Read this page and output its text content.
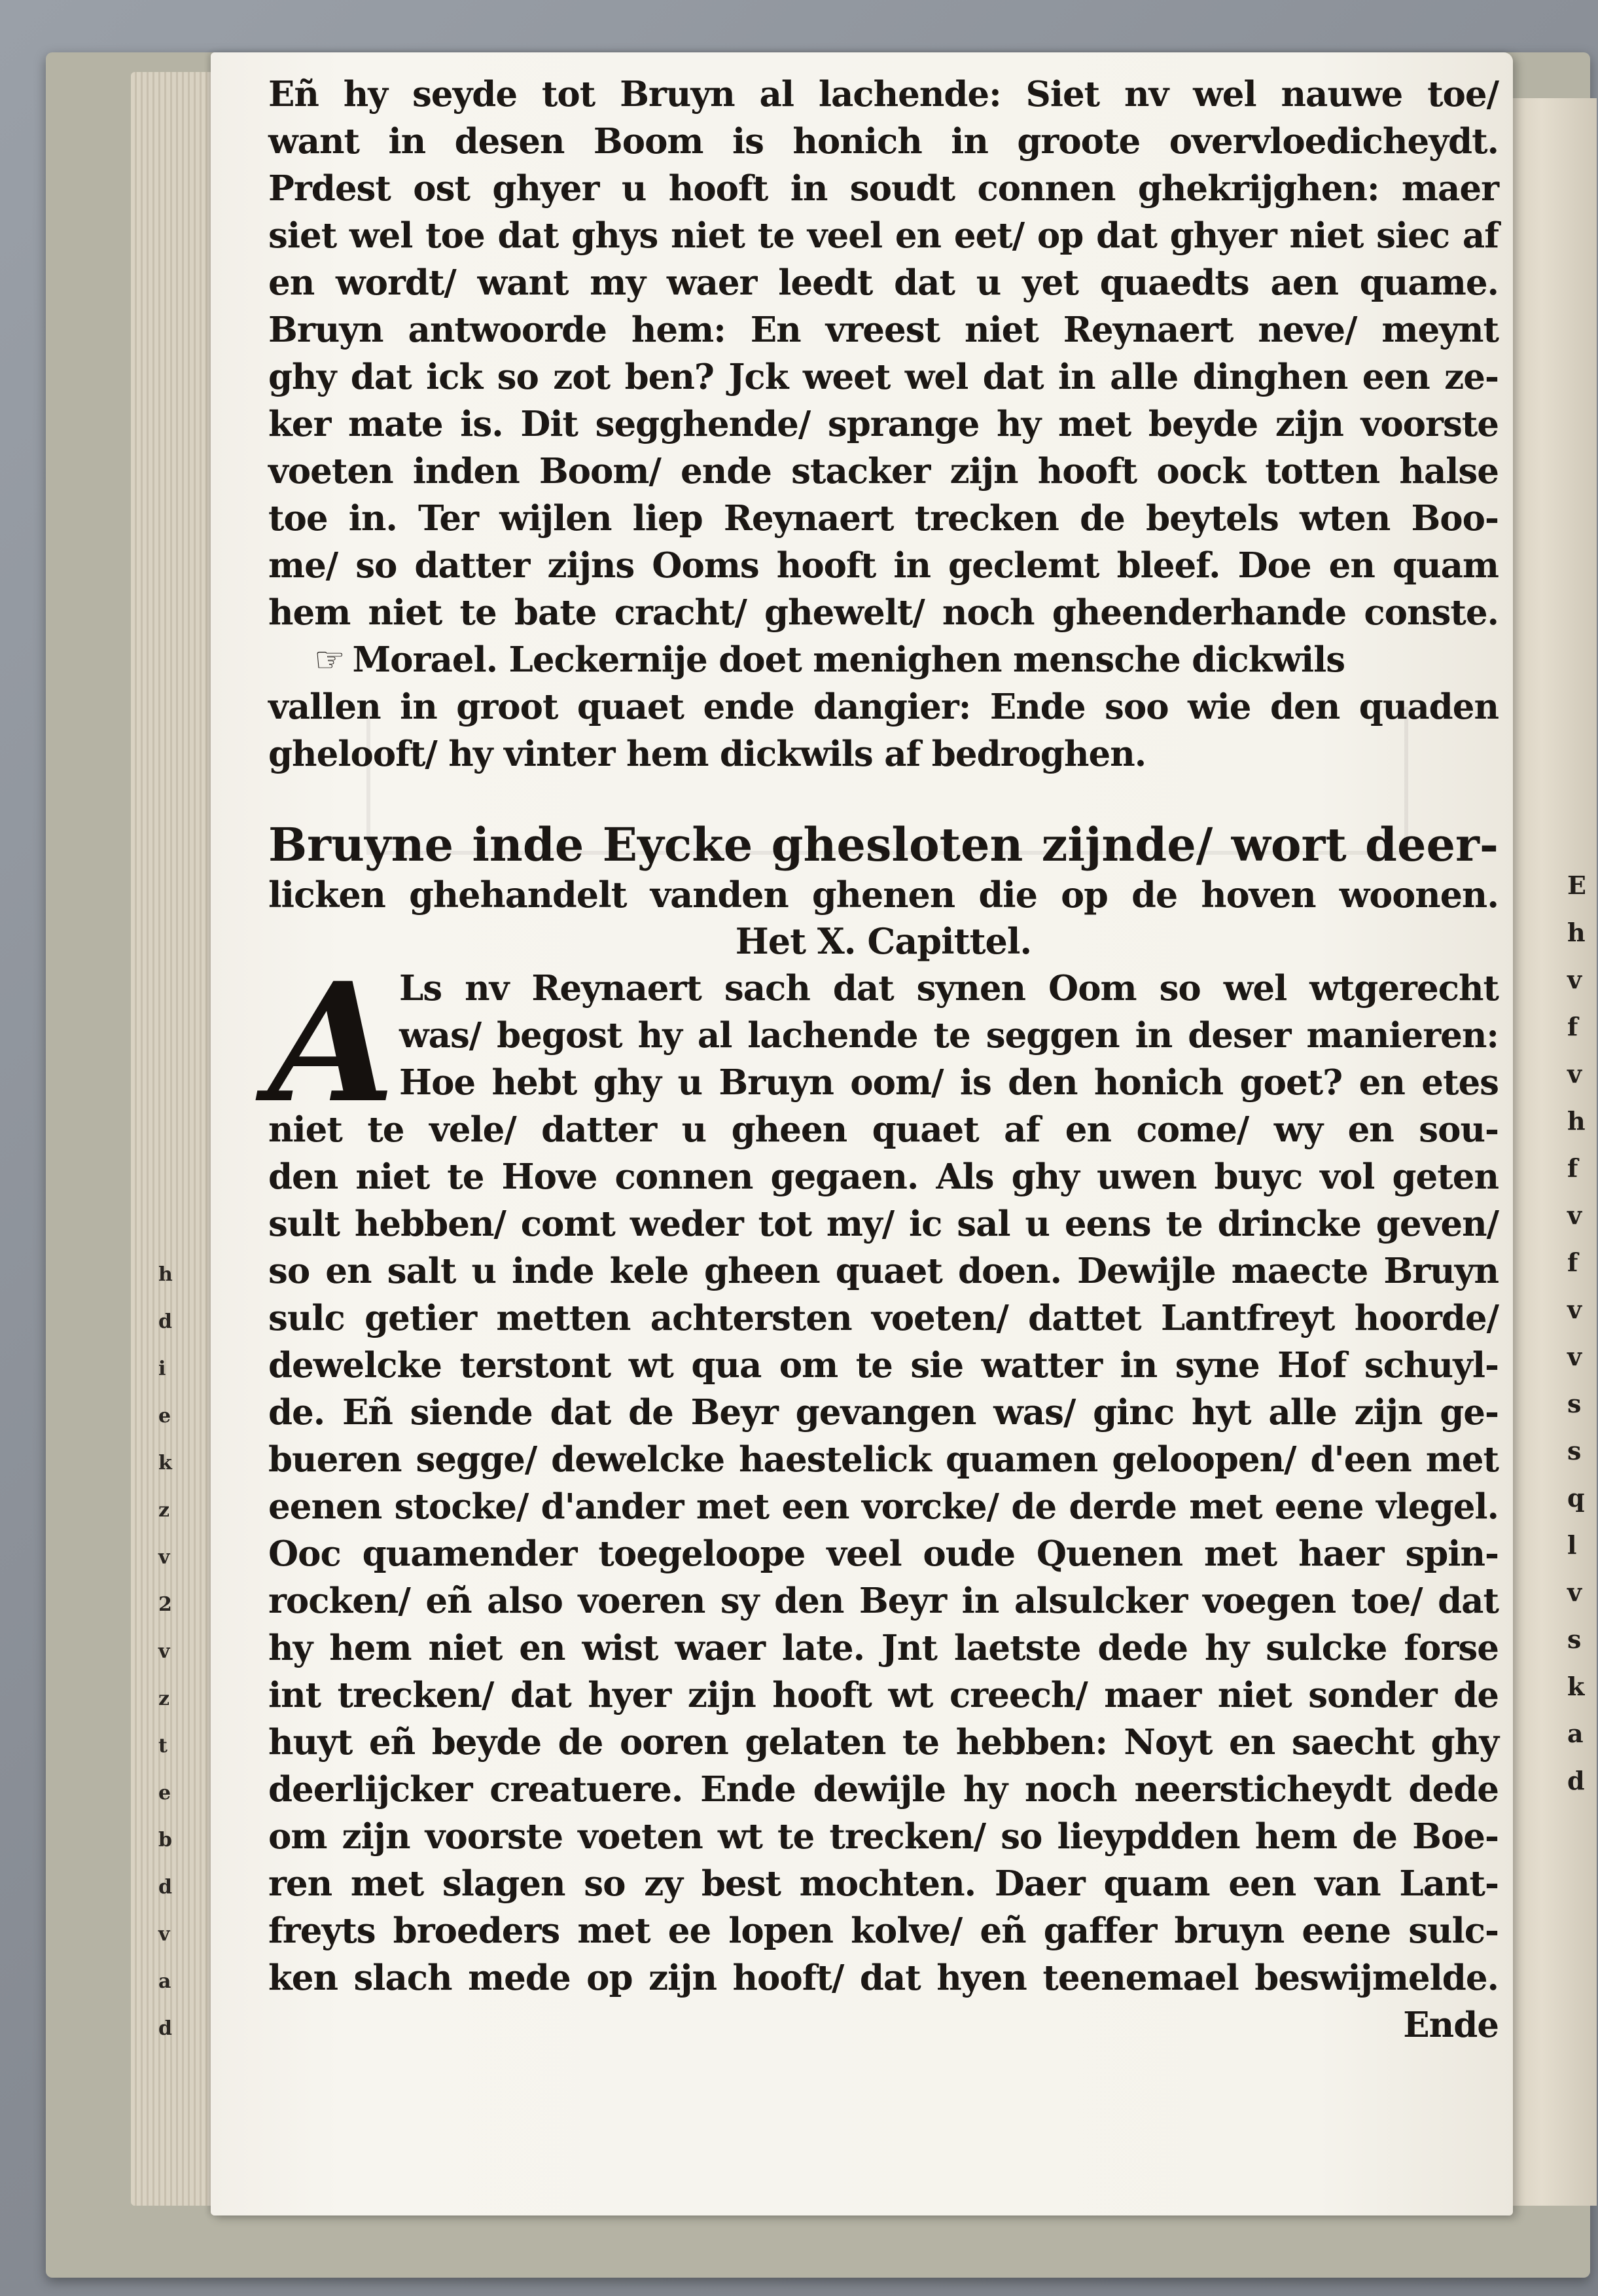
E
h
v
f
v
h
f
v
f
v
v
s
s
q
l
v
s
k
a
d
h
d
i
e
k
z
v
2
v
z
t
e
b
d
v
a
d
Eñ hy seyde tot Bruyn al lachende: Siet nv wel nauwe toe/
want in desen Boom is honich in groote overvloedicheydt.
Prdest ost ghyer u hooft in soudt connen ghekrijghen: maer
siet wel toe dat ghys niet te veel en eet/ op dat ghyer niet siec af
en wordt/ want my waer leedt dat u yet quaedts aen quame.
Bruyn antwoorde hem: En vreest niet Reynaert neve/ meynt
ghy dat ick so zot ben? Jck weet wel dat in alle dinghen een ze-
ker mate is. Dit segghende/ sprange hy met beyde zijn voorste
voeten inden Boom/ ende stacker zijn hooft oock totten halse
toe in. Ter wijlen liep Reynaert trecken de beytels wten Boo-
me/ so datter zijns Ooms hooft in geclemt bleef. Doe en quam
hem niet te bate cracht/ ghewelt/ noch gheenderhande conste.
☞ Morael. Leckernije doet menighen mensche dickwils
vallen in groot quaet ende dangier: Ende soo wie den quaden
ghelooft/ hy vinter hem dickwils af bedroghen.
Bruyne inde Eycke ghesloten zijnde/ wort deer-
licken ghehandelt vanden ghenen die op de hoven woonen.
Het X. Capittel.
A Ls nv Reynaert sach dat synen Oom so wel wtgerecht
was/ begost hy al lachende te seggen in deser manieren:
Hoe hebt ghy u Bruyn oom/ is den honich goet? en etes
niet te vele/ datter u gheen quaet af en come/ wy en sou-
den niet te Hove connen gegaen. Als ghy uwen buyc vol geten
sult hebben/ comt weder tot my/ ic sal u eens te drincke geven/
so en salt u inde kele gheen quaet doen. Dewijle maecte Bruyn
sulc getier metten achtersten voeten/ dattet Lantfreyt hoorde/
dewelcke terstont wt qua om te sie watter in syne Hof schuyl-
de. Eñ siende dat de Beyr gevangen was/ ginc hyt alle zijn ge-
bueren segge/ dewelcke haestelick quamen geloopen/ d'een met
eenen stocke/ d'ander met een vorcke/ de derde met eene vlegel.
Ooc quamender toegeloope veel oude Quenen met haer spin-
rocken/ eñ also voeren sy den Beyr in alsulcker voegen toe/ dat
hy hem niet en wist waer late. Jnt laetste dede hy sulcke forse
int trecken/ dat hyer zijn hooft wt creech/ maer niet sonder de
huyt eñ beyde de ooren gelaten te hebben: Noyt en saecht ghy
deerlijcker creatuere. Ende dewijle hy noch neersticheydt dede
om zijn voorste voeten wt te trecken/ so lieypdden hem de Boe-
ren met slagen so zy best mochten. Daer quam een van Lant-
freyts broeders met ee lopen kolve/ eñ gaffer bruyn eene sulc-
ken slach mede op zijn hooft/ dat hyen teenemael beswijmelde.
Ende
